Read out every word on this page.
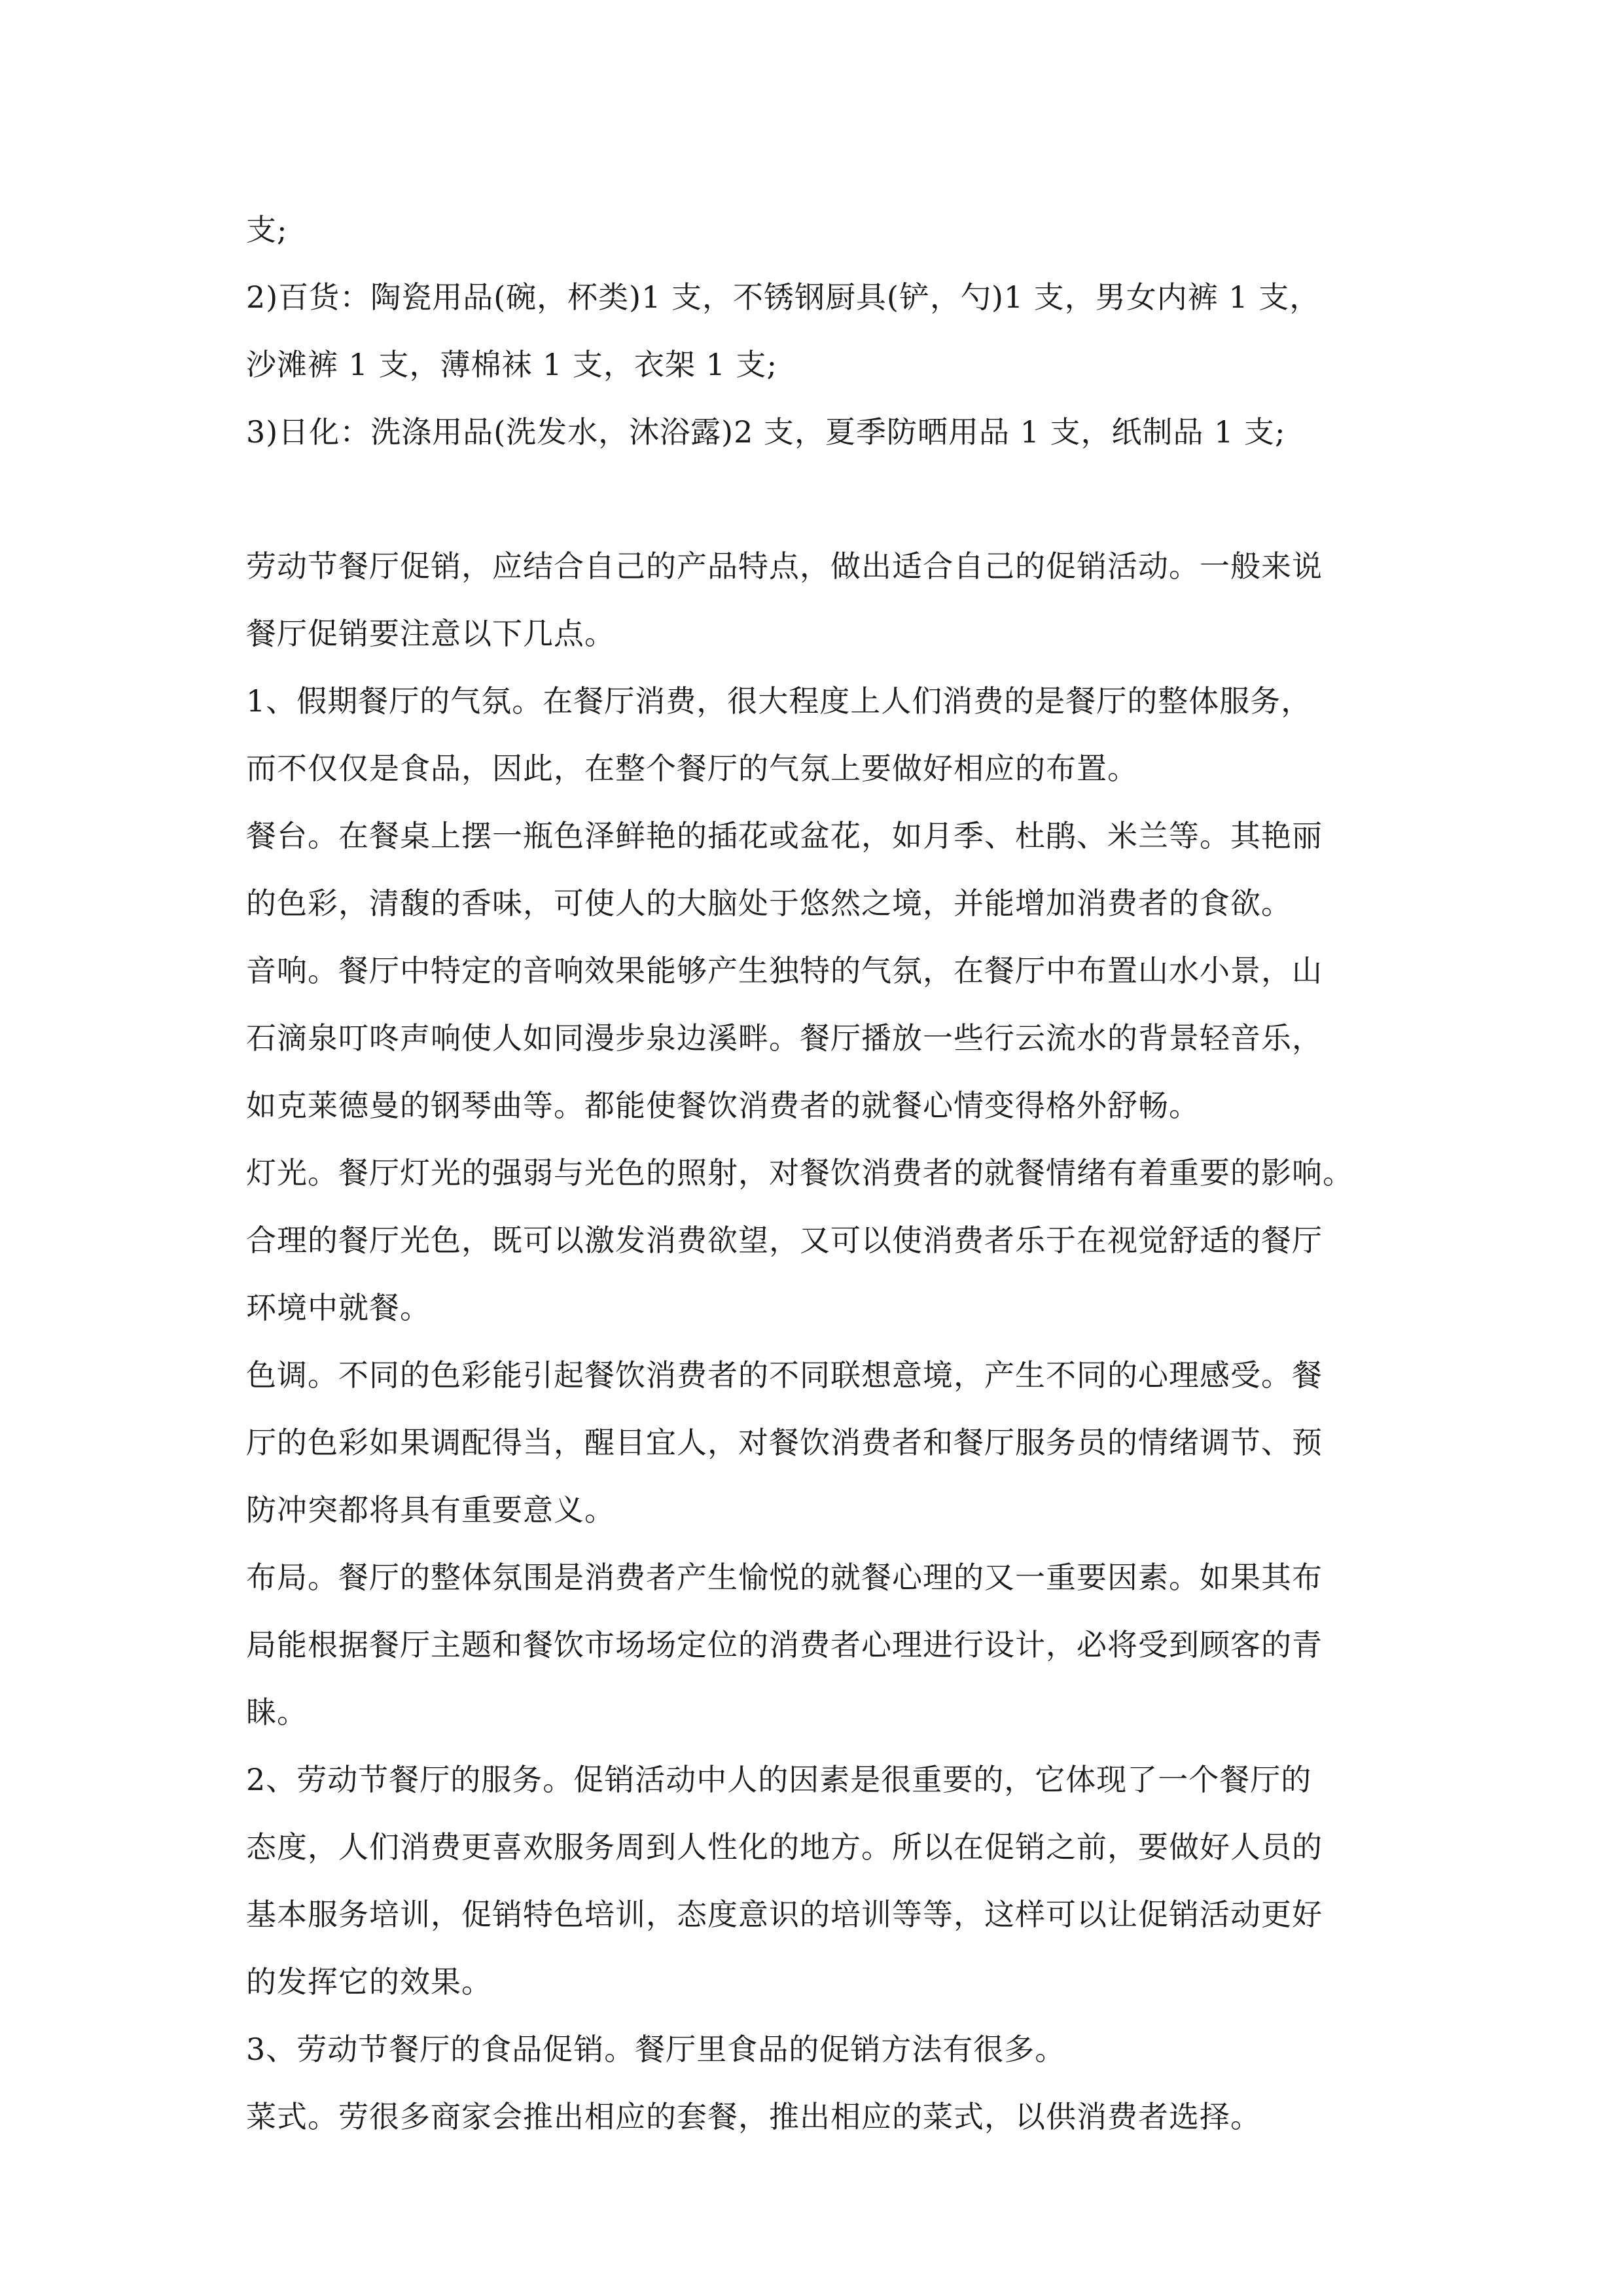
支;

2)百货：陶瓷用品(碗，杯类)1 支，不锈钢厨具(铲，勺)1 支，男女内裤 1 支，

沙滩裤 1 支，薄棉袜 1 支，衣架 1 支;

3)日化：洗涤用品(洗发水，沐浴露)2 支，夏季防晒用品 1 支，纸制品 1 支;

劳动节餐厅促销，应结合自己的产品特点，做出适合自己的促销活动。一般来说

餐厅促销要注意以下几点。

1、假期餐厅的气氛。在餐厅消费，很大程度上人们消费的是餐厅的整体服务，

而不仅仅是食品，因此，在整个餐厅的气氛上要做好相应的布置。

餐台。在餐桌上摆一瓶色泽鲜艳的插花或盆花，如月季、杜鹃、米兰等。其艳丽

的色彩，清馥的香味，可使人的大脑处于悠然之境，并能增加消费者的食欲。

音响。餐厅中特定的音响效果能够产生独特的气氛，在餐厅中布置山水小景，山

石滴泉叮咚声响使人如同漫步泉边溪畔。餐厅播放一些行云流水的背景轻音乐，

如克莱德曼的钢琴曲等。都能使餐饮消费者的就餐心情变得格外舒畅。

灯光。餐厅灯光的强弱与光色的照射，对餐饮消费者的就餐情绪有着重要的影响。

合理的餐厅光色，既可以激发消费欲望，又可以使消费者乐于在视觉舒适的餐厅

环境中就餐。

色调。不同的色彩能引起餐饮消费者的不同联想意境，产生不同的心理感受。餐

厅的色彩如果调配得当，醒目宜人，对餐饮消费者和餐厅服务员的情绪调节、预

防冲突都将具有重要意义。

布局。餐厅的整体氛围是消费者产生愉悦的就餐心理的又一重要因素。如果其布

局能根据餐厅主题和餐饮市场场定位的消费者心理进行设计，必将受到顾客的青

睐。

2、劳动节餐厅的服务。促销活动中人的因素是很重要的，它体现了一个餐厅的

态度，人们消费更喜欢服务周到人性化的地方。所以在促销之前，要做好人员的

基本服务培训，促销特色培训，态度意识的培训等等，这样可以让促销活动更好

的发挥它的效果。

3、劳动节餐厅的食品促销。餐厅里食品的促销方法有很多。

菜式。劳很多商家会推出相应的套餐，推出相应的菜式，以供消费者选择。
